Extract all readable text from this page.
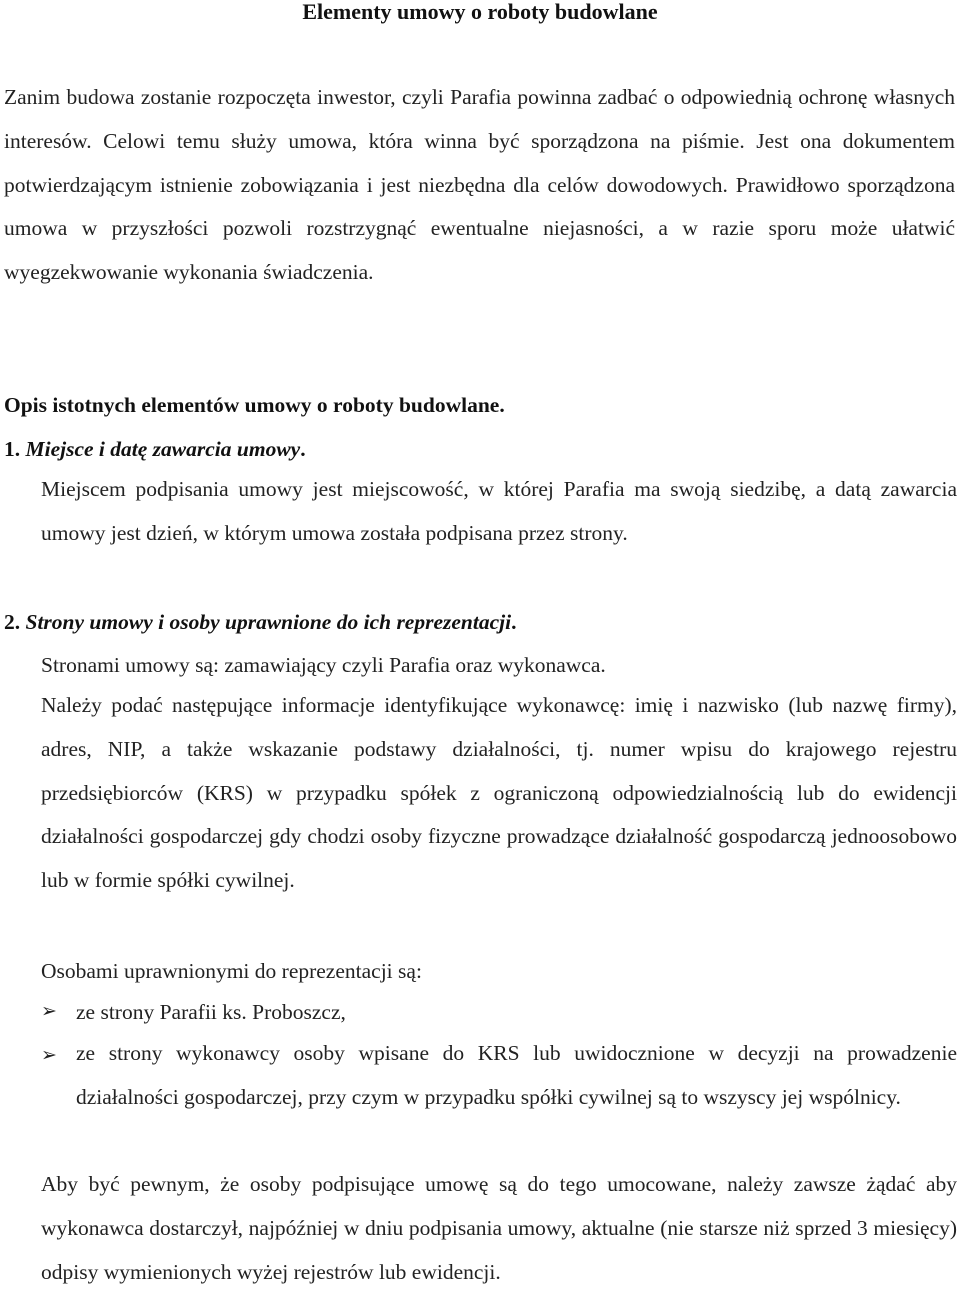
Elementy umowy o roboty budowlane
Zanim budowa zostanie rozpoczęta inwestor, czyli Parafia powinna zadbać o odpowiednią ochronę własnych interesów. Celowi temu służy umowa, która winna być sporządzona na piśmie. Jest ona dokumentem potwierdzającym istnienie zobowiązania i jest niezbędna dla celów dowodowych. Prawidłowo sporządzona umowa w przyszłości pozwoli rozstrzygnąć ewentualne niejasności, a w razie sporu może ułatwić wyegzekwowanie wykonania świadczenia.
Opis istotnych elementów umowy o roboty budowlane.
1. Miejsce i datę zawarcia umowy.
Miejscem podpisania umowy jest miejscowość, w której Parafia ma swoją siedzibę, a datą zawarcia umowy jest dzień, w którym umowa została podpisana przez strony.
2. Strony umowy i osoby uprawnione do ich reprezentacji.
Stronami umowy są: zamawiający czyli Parafia oraz wykonawca.
Należy podać następujące informacje identyfikujące wykonawcę: imię i nazwisko (lub nazwę firmy), adres, NIP, a także wskazanie podstawy działalności, tj. numer wpisu do krajowego rejestru przedsiębiorców (KRS) w przypadku spółek z ograniczoną odpowiedzialnością lub do ewidencji działalności gospodarczej gdy chodzi osoby fizyczne prowadzące działalność gospodarczą jednoosobowo lub w formie spółki cywilnej.
Osobami uprawnionymi do reprezentacji są:
➢ ze strony Parafii ks. Proboszcz,
➢ ze strony wykonawcy osoby wpisane do KRS lub uwidocznione w decyzji na prowadzenie działalności gospodarczej, przy czym w przypadku spółki cywilnej są to wszyscy jej wspólnicy.
Aby być pewnym, że osoby podpisujące umowę są do tego umocowane, należy zawsze żądać aby wykonawca dostarczył, najpóźniej w dniu podpisania umowy, aktualne (nie starsze niż sprzed 3 miesięcy) odpisy wymienionych wyżej rejestrów lub ewidencji.
